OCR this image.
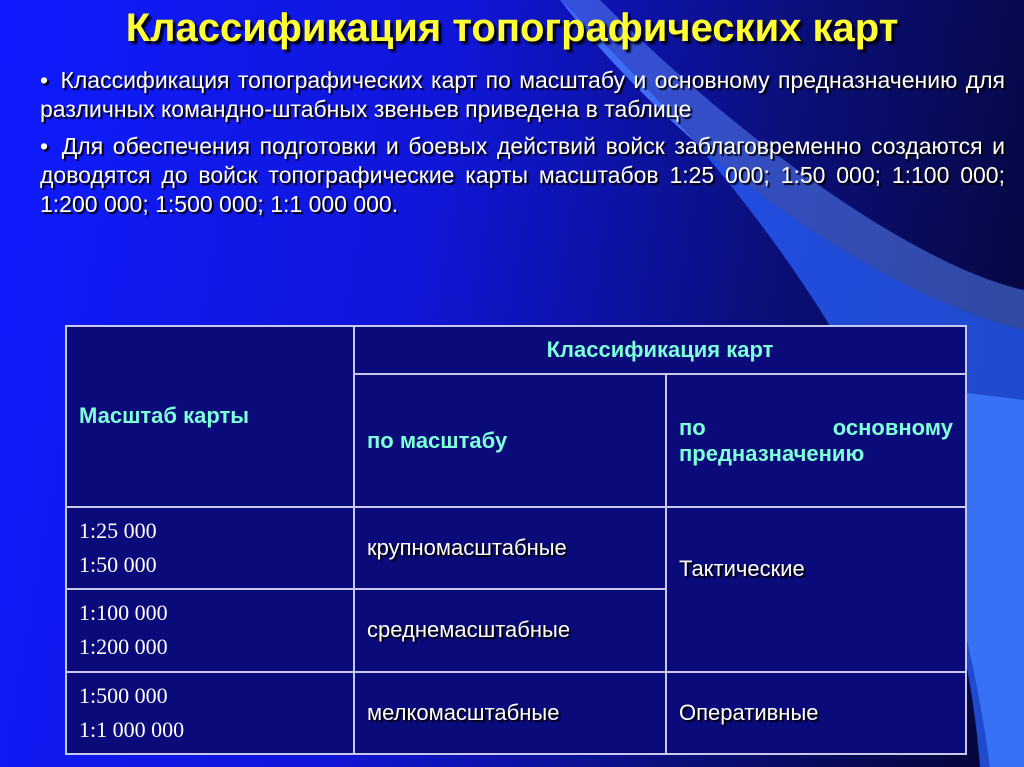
Классификация топографических карт
• Классификация топографических карт по масштабу и основному предназначению для различных командно-штабных звеньев приведена в таблице
• Для обеспечения подготовки и боевых действий войск заблаговременно создаются и доводятся до войск топографические карты масштабов 1:25 000; 1:50 000; 1:100 000; 1:200 000; 1:500 000; 1:1 000 000.
Масштаб карты	Классификация карт	
	по масштабу	по основному
предназначению

1:25 000
1:50 000	крупномасштабные	Тактические

1:100 000
1:200 000	среднемасштабные	

1:500 000
1:1 000 000	мелкомасштабные	Оперативные
